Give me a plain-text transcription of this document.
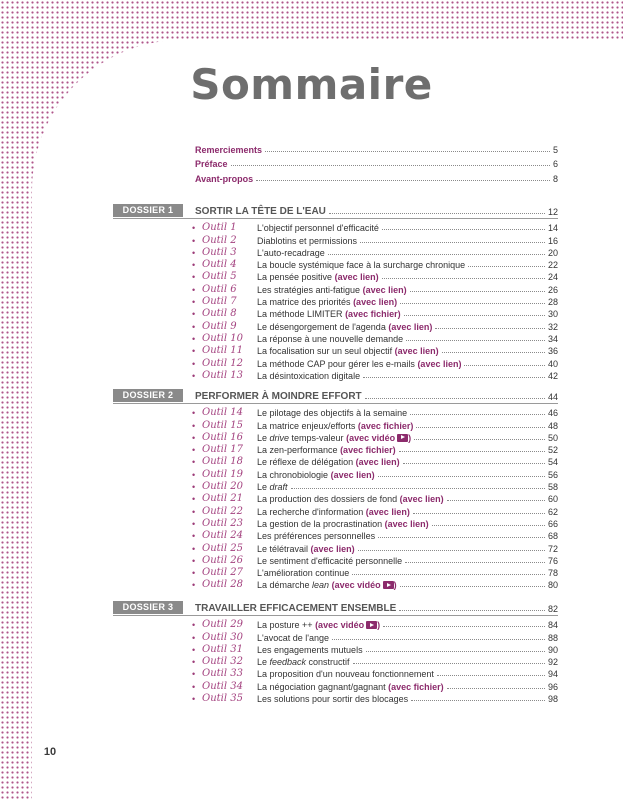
10
Sommaire
Remerciements	5
Préface	6
Avant-propos	8
DOSSIER 1	SORTIR LA TÊTE DE L'EAU	12
• Outil 1	L'objectif personnel d'efficacité	14
• Outil 2	Diablotins et permissions	16
• Outil 3	L'auto-recadrage	20
• Outil 4	La boucle systémique face à la surcharge chronique	22
• Outil 5	La pensée positive (avec lien)	24
• Outil 6	Les stratégies anti-fatigue (avec lien)	26
• Outil 7	La matrice des priorités (avec lien)	28
• Outil 8	La méthode LIMITER (avec fichier)	30
• Outil 9	Le désengorgement de l'agenda (avec lien)	32
• Outil 10	La réponse à une nouvelle demande	34
• Outil 11	La focalisation sur un seul objectif (avec lien)	36
• Outil 12	La méthode CAP pour gérer les e-mails (avec lien)	40
• Outil 13	La désintoxication digitale	42
DOSSIER 2	PERFORMER À MOINDRE EFFORT	44
• Outil 14	Le pilotage des objectifs à la semaine	46
• Outil 15	La matrice enjeux/efforts (avec fichier)	48
• Outil 16	Le drive temps-valeur (avec vidéo )	50
• Outil 17	La zen-performance (avec fichier)	52
• Outil 18	Le réflexe de délégation (avec lien)	54
• Outil 19	La chronobiologie (avec lien)	56
• Outil 20	Le draft	58
• Outil 21	La production des dossiers de fond (avec lien)	60
• Outil 22	La recherche d'information (avec lien)	62
• Outil 23	La gestion de la procrastination (avec lien)	66
• Outil 24	Les préférences personnelles	68
• Outil 25	Le télétravail (avec lien)	72
• Outil 26	Le sentiment d'efficacité personnelle	76
• Outil 27	L'amélioration continue	78
• Outil 28	La démarche lean (avec vidéo )	80
DOSSIER 3	TRAVAILLER EFFICACEMENT ENSEMBLE	82
• Outil 29	La posture ++ (avec vidéo )	84
• Outil 30	L'avocat de l'ange	88
• Outil 31	Les engagements mutuels	90
• Outil 32	Le feedback constructif	92
• Outil 33	La proposition d'un nouveau fonctionnement	94
• Outil 34	La négociation gagnant/gagnant (avec fichier)	96
• Outil 35	Les solutions pour sortir des blocages	98
